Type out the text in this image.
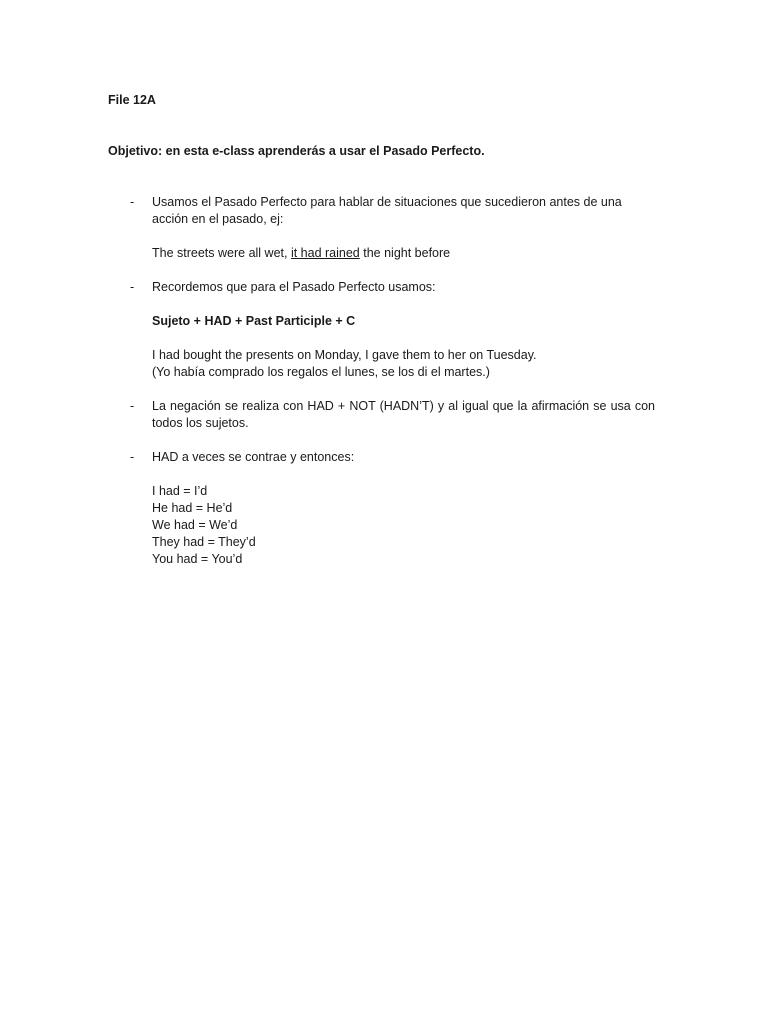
File 12A
Objetivo: en esta e-class aprenderás a usar el Pasado Perfecto.
-	Usamos el Pasado Perfecto para hablar de situaciones que sucedieron antes de una acción en el pasado, ej:
The streets were all wet, it had rained the night before
-	Recordemos que para el Pasado Perfecto usamos:
Sujeto + HAD + Past Participle + C
I had bought the presents on Monday, I gave them to her on Tuesday.
(Yo había comprado los regalos el lunes, se los di el martes.)
-	La negación se realiza con HAD + NOT (HADN’T) y al igual que la afirmación se usa con todos los sujetos.
-	HAD a veces se contrae y entonces:
I had = I’d
He had = He’d
We had = We’d
They had = They’d
You had = You’d
